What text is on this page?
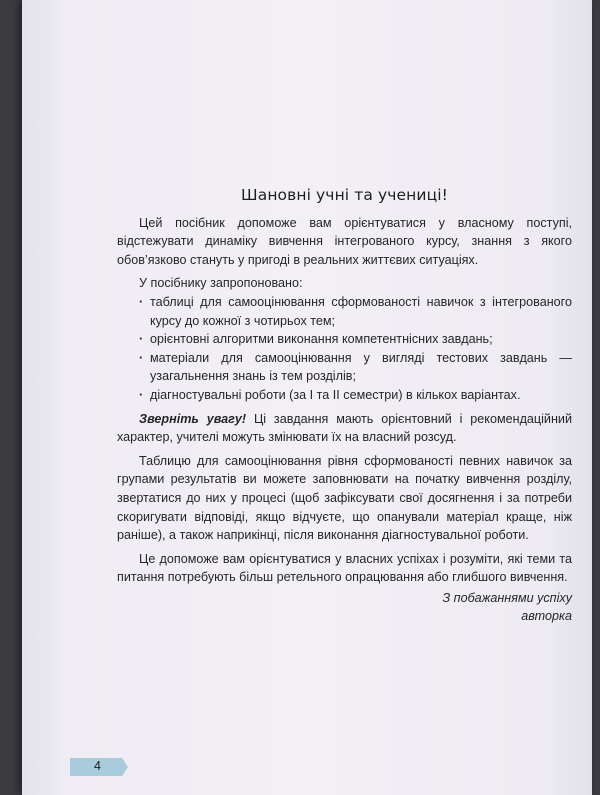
Шановні учні та учениці!

Цей посібник допоможе вам орієнтуватися у власному поступі, відстежувати динаміку вивчення інтегрованого курсу, знання з якого обов’язково стануть у пригоді в реальних життєвих ситуаціях.

У посібнику запропоновано:

· таблиці для самооцінювання сформованості навичок з інтегрованого курсу до кожної з чотирьох тем;
· орієнтовні алгоритми виконання компетентнісних завдань;
· матеріали для самооцінювання у вигляді тестових завдань — узагальнення знань із тем розділів;
· діагностувальні роботи (за I та II семестри) в кількох варіантах.

Зверніть увагу! Ці завдання мають орієнтовний і рекомендаційний характер, учителі можуть змінювати їх на власний розсуд.

Таблицю для самооцінювання рівня сформованості певних навичок за групами результатів ви можете заповнювати на початку вивчення розділу, звертатися до них у процесі (щоб зафіксувати свої досягнення і за потреби скоригувати відповіді, якщо відчуєте, що опанували матеріал краще, ніж раніше), а також наприкінці, після виконання діагностувальної роботи.

Це допоможе вам орієнтуватися у власних успіхах і розуміти, які теми та питання потребують більш ретельного опрацювання або глибшого вивчення.

З побажаннями успіху
авторка
4
